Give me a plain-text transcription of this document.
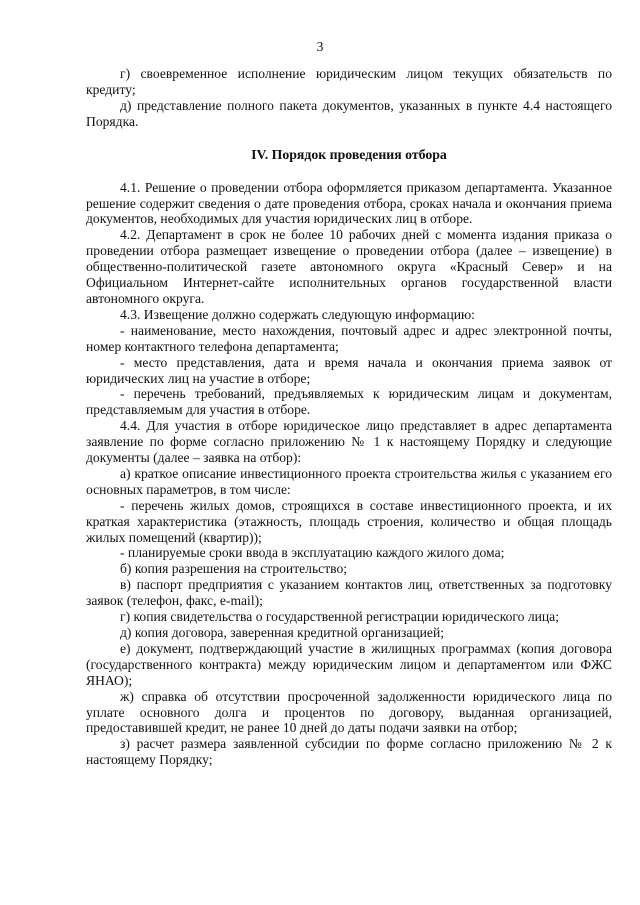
3

г) своевременное исполнение юридическим лицом текущих обязательств по кредиту;

д) представление полного пакета документов, указанных в пункте 4.4 настоящего Порядка.

IV. Порядок проведения отбора

4.1. Решение о проведении отбора оформляется приказом департамента. Указанное решение содержит сведения о дате проведения отбора, сроках начала и окончания приема документов, необходимых для участия юридических лиц в отборе.

4.2. Департамент в срок не более 10 рабочих дней с момента издания приказа о проведении отбора размещает извещение о проведении отбора (далее – извещение) в общественно-политической газете автономного округа «Красный Север» и на Официальном Интернет-сайте исполнительных органов государственной власти автономного округа.

4.3. Извещение должно содержать следующую информацию:

- наименование, место нахождения, почтовый адрес и адрес электронной почты, номер контактного телефона департамента;

- место представления, дата и время начала и окончания приема заявок от юридических лиц на участие в отборе;

- перечень требований, предъявляемых к юридическим лицам и документам, представляемым для участия в отборе.

4.4. Для участия в отборе юридическое лицо представляет в адрес департамента заявление по форме согласно приложению № 1 к настоящему Порядку и следующие документы (далее – заявка на отбор):

а) краткое описание инвестиционного проекта строительства жилья с указанием его основных параметров, в том числе:

- перечень жилых домов, строящихся в составе инвестиционного проекта, и их краткая характеристика (этажность, площадь строения, количество и общая площадь жилых помещений (квартир));

- планируемые сроки ввода в эксплуатацию каждого жилого дома;

б) копия разрешения на строительство;

в) паспорт предприятия с указанием контактов лиц, ответственных за подготовку заявок (телефон, факс, e-mail);

г) копия свидетельства о государственной регистрации юридического лица;

д) копия договора, заверенная кредитной организацией;

е) документ, подтверждающий участие в жилищных программах (копия договора (государственного контракта) между юридическим лицом и департаментом или ФЖС ЯНАО);

ж) справка об отсутствии просроченной задолженности юридического лица по уплате основного долга и процентов по договору, выданная организацией, предоставившей кредит, не ранее 10 дней до даты подачи заявки на отбор;

з) расчет размера заявленной субсидии по форме согласно приложению № 2 к настоящему Порядку;
